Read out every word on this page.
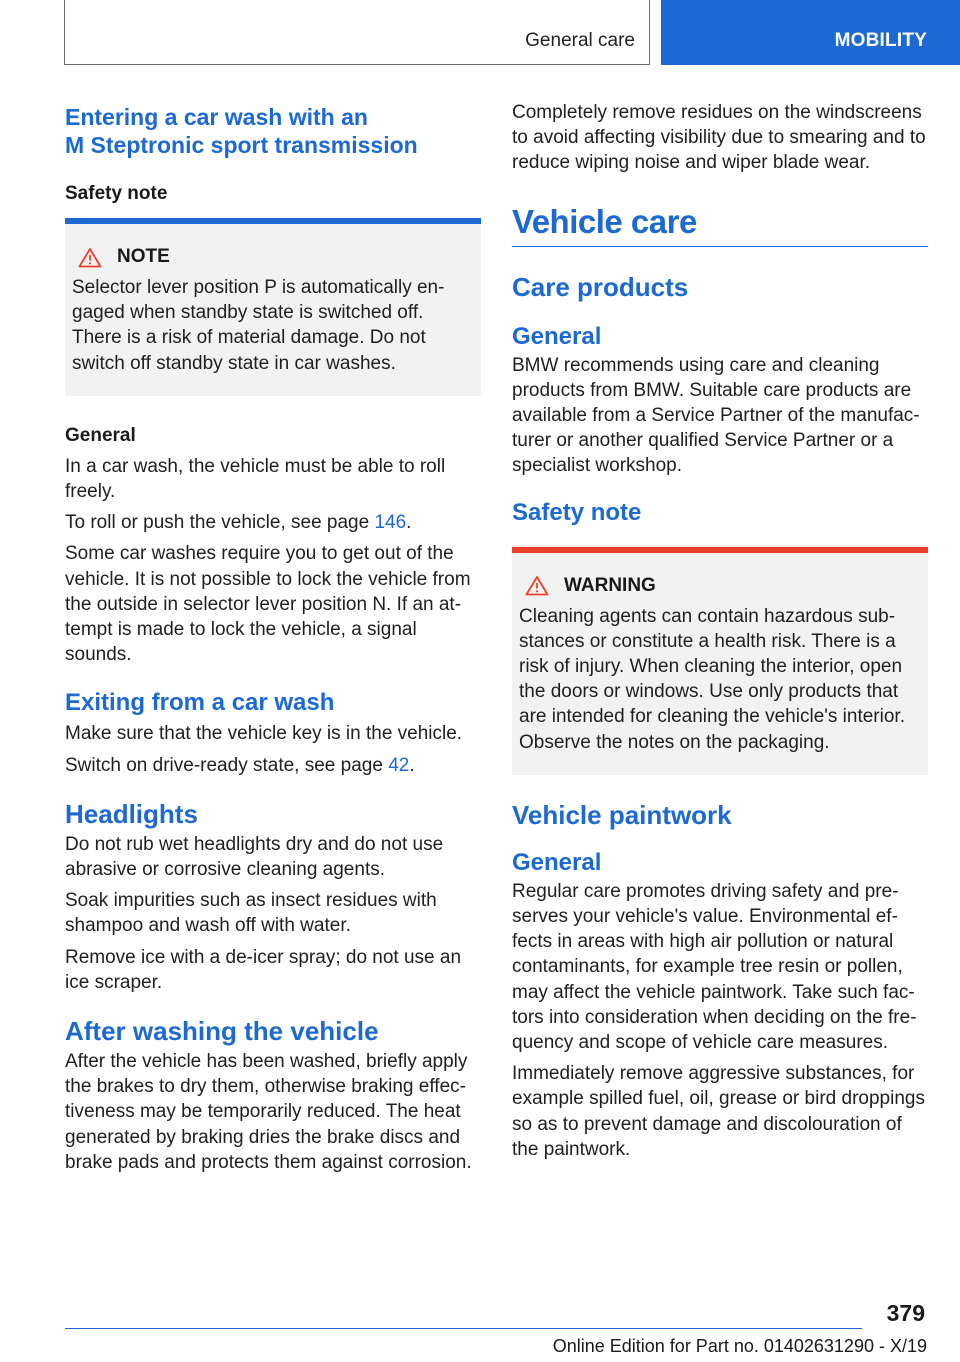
General care	MOBILITY
Entering a car wash with an
M Steptronic sport transmission
Safety note
NOTE
Selector lever position P is automatically en-gaged when standby state is switched off. There is a risk of material damage. Do not switch off standby state in car washes.
General
In a car wash, the vehicle must be able to roll freely.
To roll or push the vehicle, see page 146.
Some car washes require you to get out of the vehicle. It is not possible to lock the vehicle from the outside in selector lever position N. If an at-tempt is made to lock the vehicle, a signal sounds.
Exiting from a car wash
Make sure that the vehicle key is in the vehicle.
Switch on drive-ready state, see page 42.
Headlights
Do not rub wet headlights dry and do not use abrasive or corrosive cleaning agents.
Soak impurities such as insect residues with shampoo and wash off with water.
Remove ice with a de-icer spray; do not use an ice scraper.
After washing the vehicle
After the vehicle has been washed, briefly apply the brakes to dry them, otherwise braking effec-tiveness may be temporarily reduced. The heat generated by braking dries the brake discs and brake pads and protects them against corrosion.
Completely remove residues on the windscreens to avoid affecting visibility due to smearing and to reduce wiping noise and wiper blade wear.
Vehicle care
Care products
General
BMW recommends using care and cleaning products from BMW. Suitable care products are available from a Service Partner of the manufac-turer or another qualified Service Partner or a specialist workshop.
Safety note
WARNING
Cleaning agents can contain hazardous sub-stances or constitute a health risk. There is a risk of injury. When cleaning the interior, open the doors or windows. Use only products that are intended for cleaning the vehicle's interior. Observe the notes on the packaging.
Vehicle paintwork
General
Regular care promotes driving safety and pre-serves your vehicle's value. Environmental ef-fects in areas with high air pollution or natural contaminants, for example tree resin or pollen, may affect the vehicle paintwork. Take such fac-tors into consideration when deciding on the fre-quency and scope of vehicle care measures.
Immediately remove aggressive substances, for example spilled fuel, oil, grease or bird droppings so as to prevent damage and discolouration of the paintwork.
379
Online Edition for Part no. 01402631290 - X/19
